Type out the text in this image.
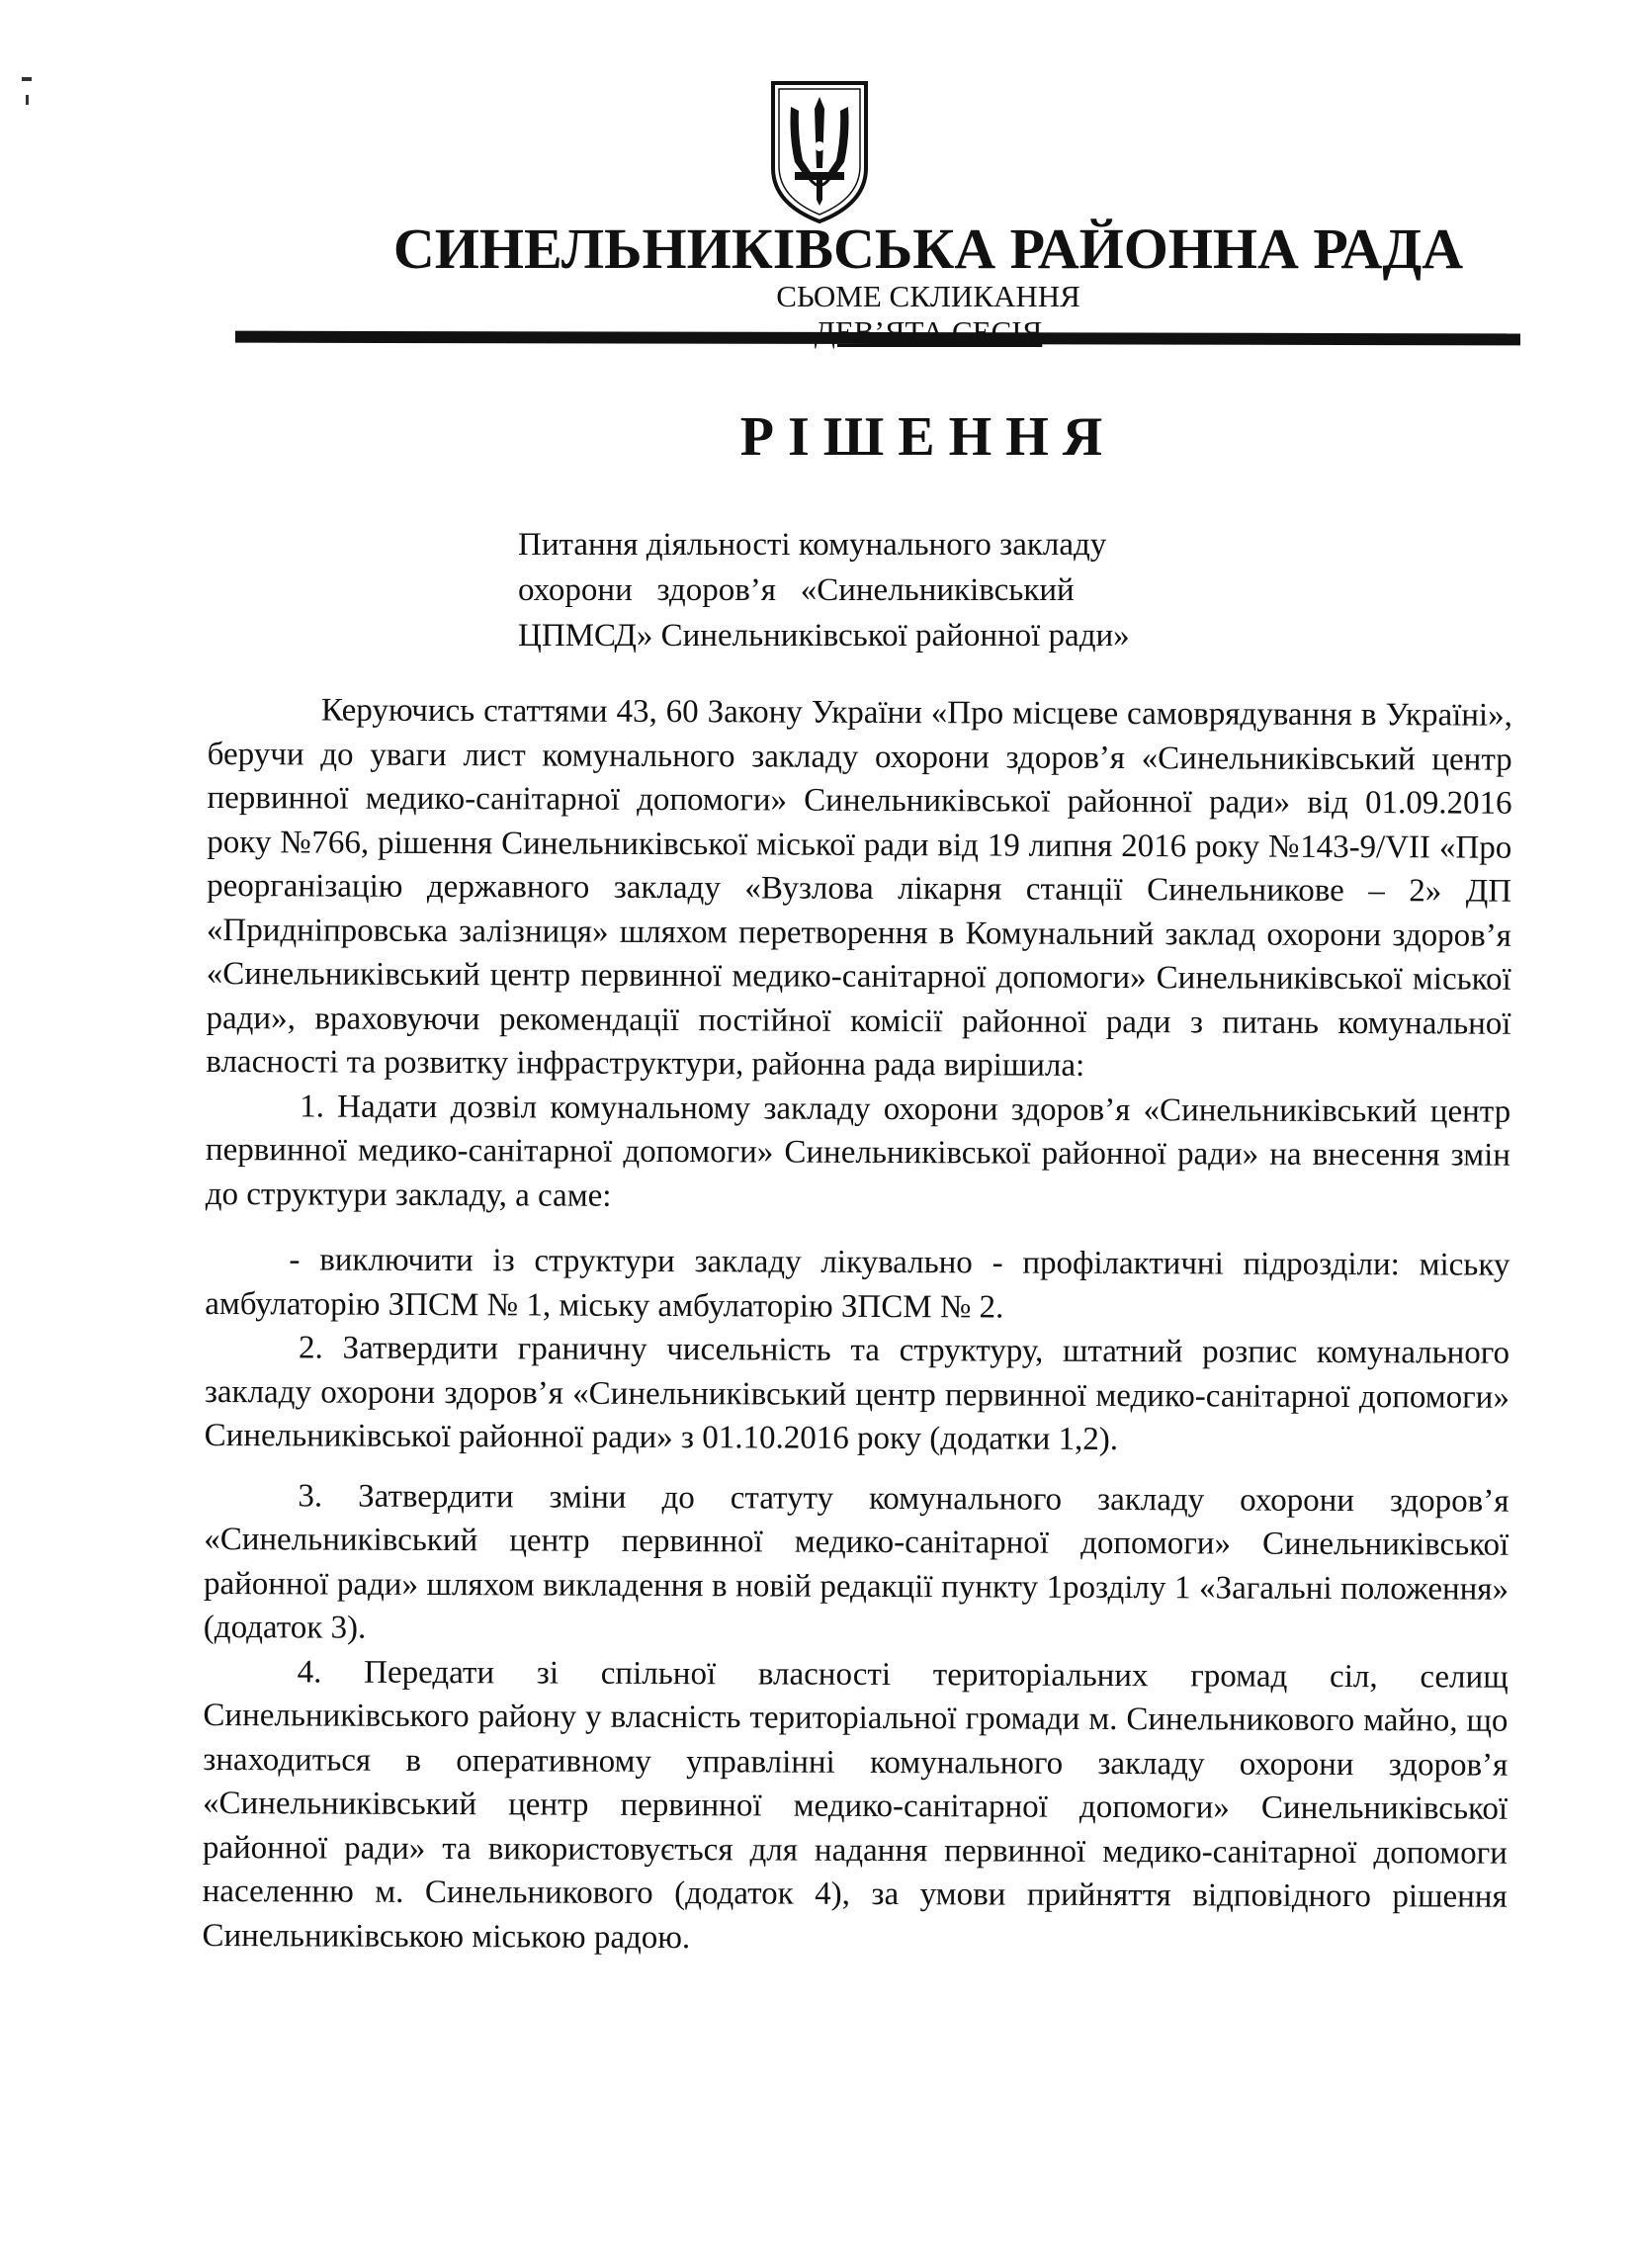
СИНЕЛЬНИКІВСЬКА РАЙОННА РАДА
СЬОМЕ СКЛИКАННЯ
РІШЕННЯ
Питання діяльності комунального закладу
охорони   здоров’я   «Синельниківський
ЦПМСД» Синельниківської районної ради»

Керуючись статтями 43, 60 Закону України «Про місцеве самоврядування в Україні», беручи до уваги лист комунального закладу охорони здоров’я «Синельниківський центр первинної медико-санітарної допомоги» Синельниківської районної ради» від 01.09.2016 року №766, рішення Синельниківської міської ради від 19 липня 2016 року №143-9/VII «Про реорганізацію державного закладу «Вузлова лікарня станції Синельникове – 2» ДП «Придніпровська залізниця» шляхом перетворення в Комунальний заклад охорони здоров’я «Синельниківський центр первинної медико-санітарної допомоги» Синельниківської міської ради», враховуючи рекомендації постійної комісії районної ради з питань комунальної власності та розвитку інфраструктури, районна рада вирішила:

1. Надати дозвіл комунальному закладу охорони здоров’я «Синельниківський центр первинної медико-санітарної допомоги» Синельниківської районної ради» на внесення змін до структури закладу, а саме:

- виключити із структури закладу лікувально - профілактичні підрозділи: міську амбулаторію ЗПСМ № 1, міську амбулаторію ЗПСМ № 2.

2. Затвердити граничну чисельність та структуру, штатний розпис комунального закладу охорони здоров’я «Синельниківський центр первинної медико-санітарної допомоги» Синельниківської районної ради» з 01.10.2016 року (додатки 1,2).

3. Затвердити зміни до статуту комунального закладу охорони здоров’я «Синельниківський центр первинної медико-санітарної допомоги» Синельниківської районної ради» шляхом викладення в новій редакції пункту 1розділу 1 «Загальні положення» (додаток 3).

4. Передати зі спільної власності територіальних громад сіл, селищ Синельниківського району у власність територіальної громади м. Синельникового майно, що знаходиться в оперативному управлінні комунального закладу охорони здоров’я «Синельниківський центр первинної медико-санітарної допомоги» Синельниківської районної ради» та використовується для надання первинної медико-санітарної допомоги населенню м. Синельникового (додаток 4), за умови прийняття відповідного рішення Синельниківською міською радою.
